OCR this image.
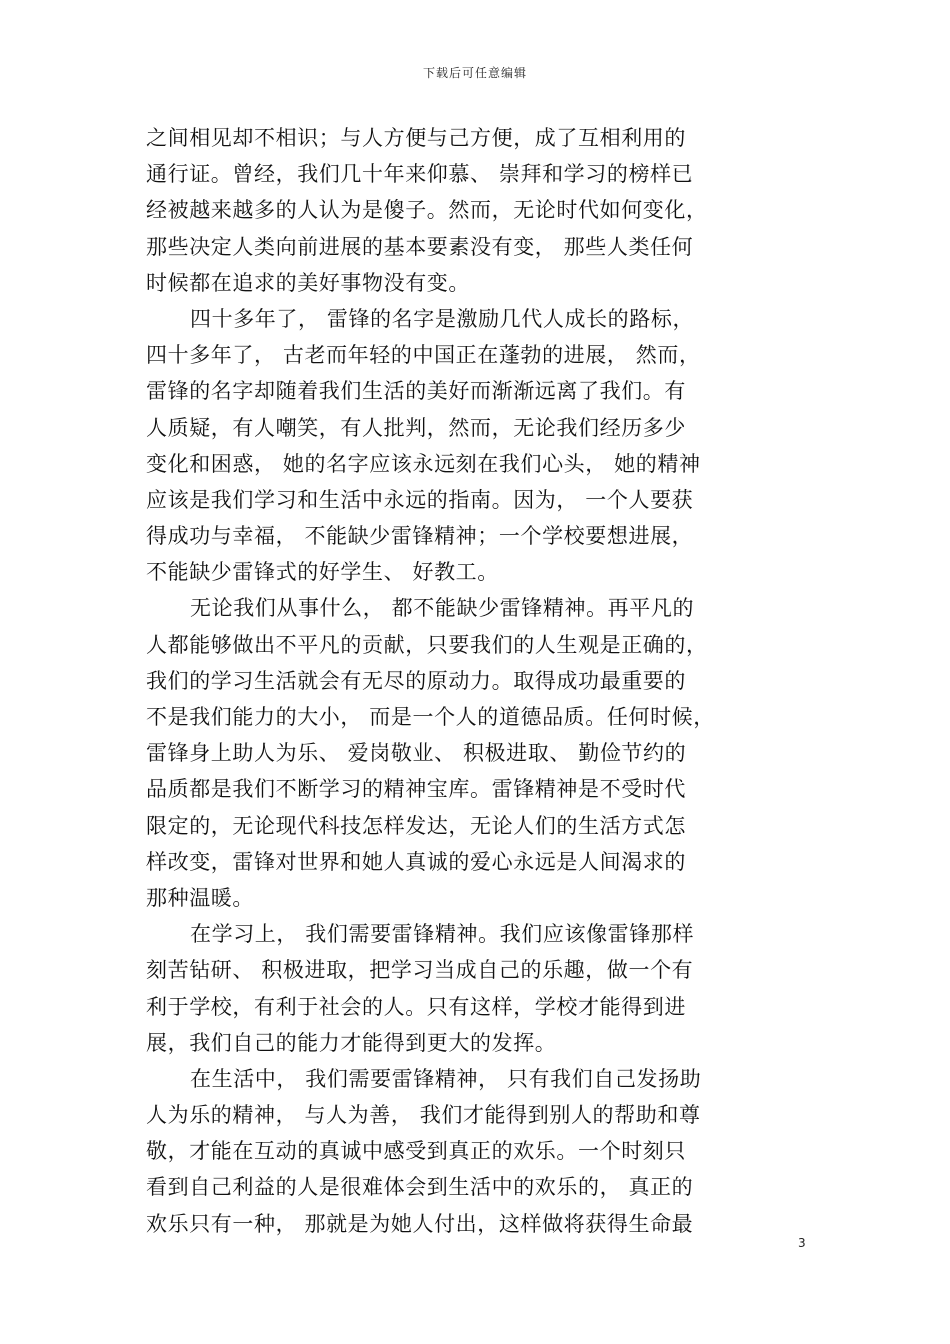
下载后可任意编辑
之间相见却不相识；与人方便与己方便，成了互相利用的
通行证。曾经，我们几十年来仰慕、 崇拜和学习的榜样已
经被越来越多的人认为是傻子。然而，无论时代如何变化，
那些决定人类向前进展的基本要素没有变， 那些人类任何
时候都在追求的美好事物没有变。
四十多年了， 雷锋的名字是激励几代人成长的路标，
四十多年了， 古老而年轻的中国正在蓬勃的进展， 然而，
雷锋的名字却随着我们生活的美好而渐渐远离了我们。有
人质疑，有人嘲笑，有人批判，然而，无论我们经历多少
变化和困惑， 她的名字应该永远刻在我们心头， 她的精神
应该是我们学习和生活中永远的指南。因为， 一个人要获
得成功与幸福， 不能缺少雷锋精神；一个学校要想进展，
不能缺少雷锋式的好学生、 好教工。
无论我们从事什么， 都不能缺少雷锋精神。再平凡的
人都能够做出不平凡的贡献，只要我们的人生观是正确的，
我们的学习生活就会有无尽的原动力。取得成功最重要的
不是我们能力的大小， 而是一个人的道德品质。任何时候，
雷锋身上助人为乐、 爱岗敬业、 积极进取、 勤俭节约的
品质都是我们不断学习的精神宝库。雷锋精神是不受时代
限定的，无论现代科技怎样发达，无论人们的生活方式怎
样改变，雷锋对世界和她人真诚的爱心永远是人间渴求的
那种温暖。
在学习上， 我们需要雷锋精神。我们应该像雷锋那样
刻苦钻研、 积极进取，把学习当成自己的乐趣，做一个有
利于学校，有利于社会的人。只有这样，学校才能得到进
展，我们自己的能力才能得到更大的发挥。
在生活中， 我们需要雷锋精神， 只有我们自己发扬助
人为乐的精神， 与人为善， 我们才能得到别人的帮助和尊
敬，才能在互动的真诚中感受到真正的欢乐。一个时刻只
看到自己利益的人是很难体会到生活中的欢乐的， 真正的
欢乐只有一种， 那就是为她人付出，这样做将获得生命最
3
